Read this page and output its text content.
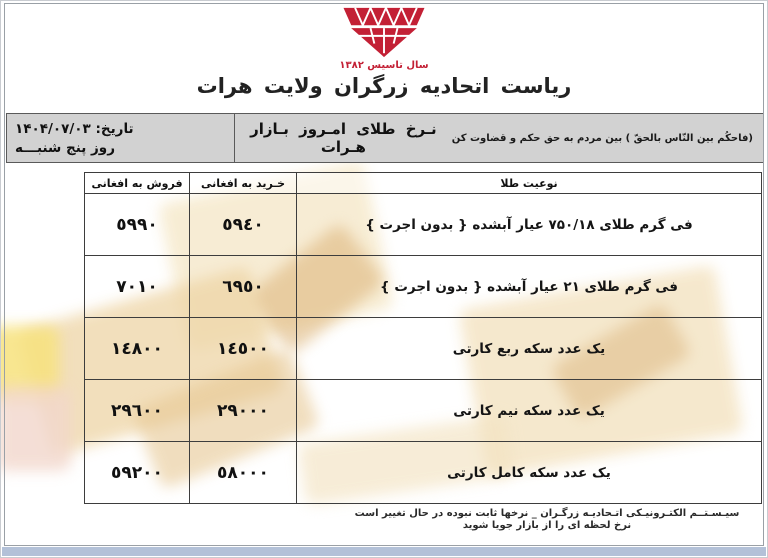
سال تاسیس ۱۳۸۲
ریاست اتحادیه زرگران ولایت هرات
(فاحکُم بین النّاس بالحقّ ) بین مردم به حق حکم و قضاوت کن
نـرخ طلای امـروز بـازار هـرات
تاریخ: ۱۴۰۴/۰۷/۰۳
روز پنج شنبـــه
نوعیت طلا	خـرید به افغانی	فروش به افغانی
فی گرم طلای ۷۵۰/۱۸ عیار آبشده { بدون اجرت }	٥٩٤٠	٥٩٩٠
فی گرم طلای ۲۱ عیار آبشده { بدون اجرت }	٦٩٥٠	٧٠١٠
یک عدد سکه ربع کارتی	١٤٥٠٠	١٤٨٠٠
یک عدد سکه نیم کارتی	٢٩٠٠٠	٢٩٦٠٠
یک عدد سکه کامل کارتی	٥٨٠٠٠	٥٩٢٠٠
سیـسـتــم الکتـرونیـکی اتـحادیـه زرگـران _ نرخها ثابت نبوده در حال تغییر است
نرخ لحظه ای را از بازار جویا شوید
